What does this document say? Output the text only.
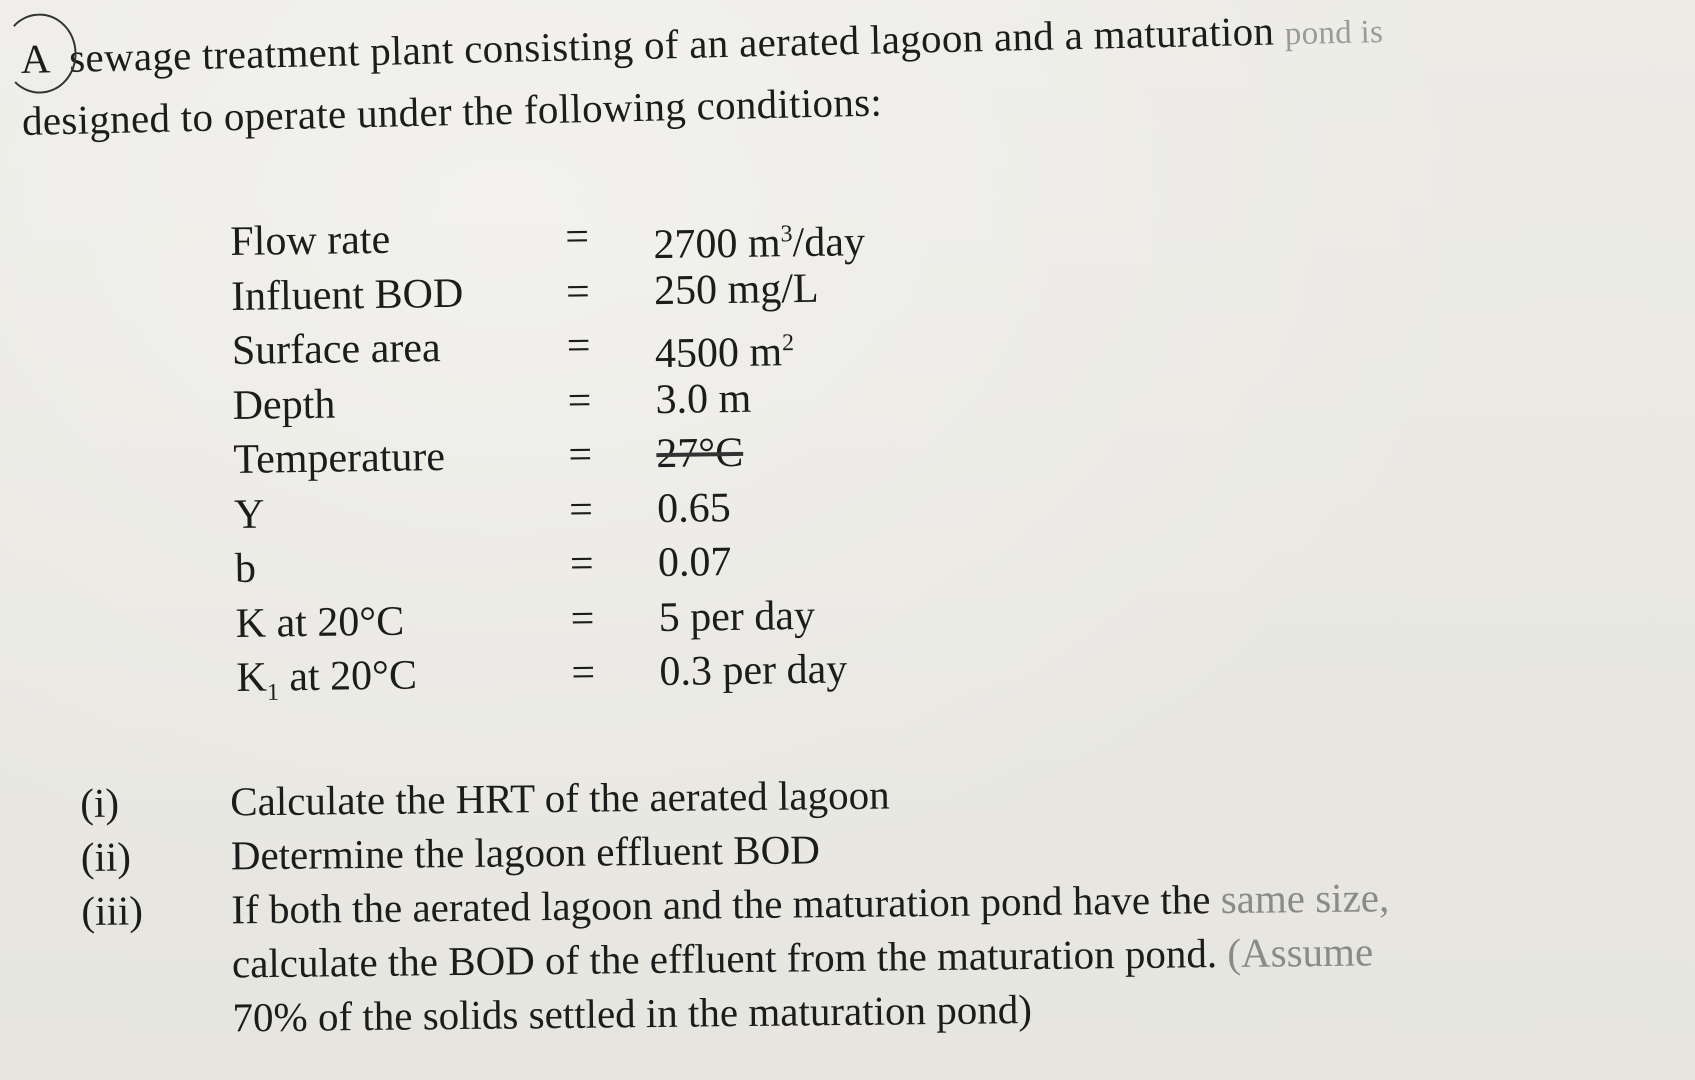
A sewage treatment plant consisting of an aerated lagoon and a maturation pond is
designed to operate under the following conditions:
Flow rate	= 2700 $m^3$/day
Influent BOD = 250 mg/L
Surface area	= 4500 $m^2$
Depth	= 3.0 m
Temperature	= 27°C
Y	= 0.65
b	= 0.07
K at 20°C	= 5 per day
$K_1$ at 20°C	= 0.3 per day
(i)	Calculate the HRT of the aerated lagoon
(ii)	Determine the lagoon effluent BOD
(iii)	If both the aerated lagoon and the maturation pond have the same size,
calculate the BOD of the effluent from the maturation pond. (Assume
70% of the solids settled in the maturation pond)
